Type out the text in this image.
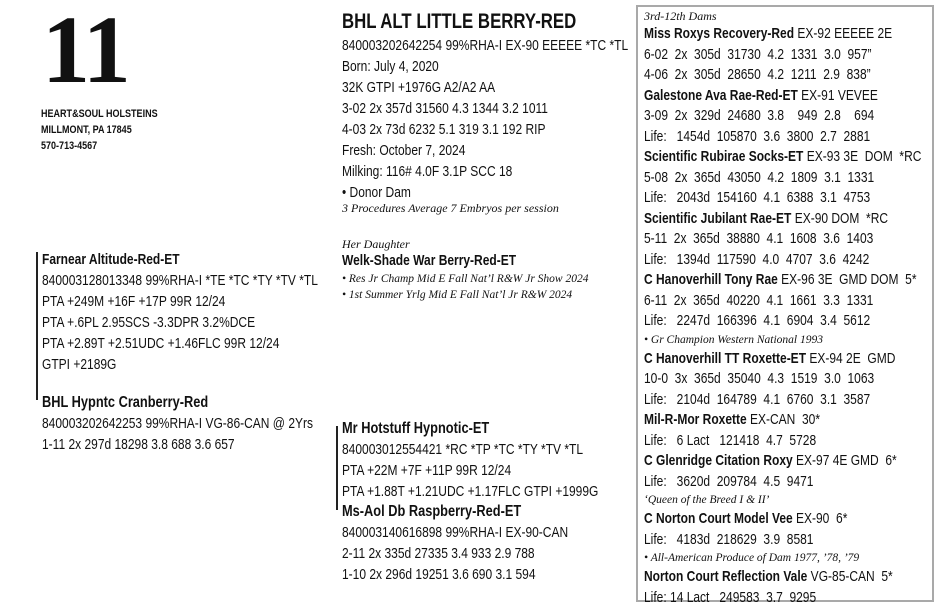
11
HEART&SOUL HOLSTEINS
MILLMONT, PA 17845
570-713-4567
BHL ALT LITTLE BERRY-RED
840003202642254 99%RHA-I EX-90 EEEEE *TC *TL
Born: July 4, 2020
32K GTPI +1976G A2/A2 AA
3-02 2x 357d 31560 4.3 1344 3.2 1011
4-03 2x 73d 6232 5.1 319 3.1 192 RIP
Fresh: October 7, 2024
Milking: 116# 4.0F 3.1P SCC 18
• Donor Dam
3 Procedures Average 7 Embryos per session
Her Daughter
Welk-Shade War Berry-Red-ET
• Res Jr Champ Mid E Fall Nat’l R&W Jr Show 2024
• 1st Summer Yrlg Mid E Fall Nat’l Jr R&W 2024
Farnear Altitude-Red-ET
840003128013348 99%RHA-I *TE *TC *TY *TV *TL
PTA +249M +16F +17P 99R 12/24
PTA +.6PL 2.95SCS -3.3DPR 3.2%DCE
PTA +2.89T +2.51UDC +1.46FLC 99R 12/24
GTPI +2189G
BHL Hypntc Cranberry-Red
840003202642253 99%RHA-I VG-86-CAN @ 2Yrs
1-11 2x 297d 18298 3.8 688 3.6 657
Mr Hotstuff Hypnotic-ET
840003012554421 *RC *TP *TC *TY *TV *TL
PTA +22M +7F +11P 99R 12/24
PTA +1.88T +1.21UDC +1.17FLC GTPI +1999G
Ms-Aol Db Raspberry-Red-ET
840003140616898 99%RHA-I EX-90-CAN
2-11 2x 335d 27335 3.4 933 2.9 788
1-10 2x 296d 19251 3.6 690 3.1 594
3rd-12th Dams
Miss Roxys Recovery-Red EX-92 EEEEE 2E
6-02  2x  305d  31730  4.2  1331  3.0  957”
4-06  2x  305d  28650  4.2  1211  2.9  838”
Galestone Ava Rae-Red-ET EX-91 VEVEE
3-09  2x  329d  24680  3.8    949  2.8    694
Life:   1454d  105870  3.6  3800  2.7  2881
Scientific Rubirae Socks-ET EX-93 3E  DOM  *RC
5-08  2x  365d  43050  4.2  1809  3.1  1331
Life:   2043d  154160  4.1  6388  3.1  4753
Scientific Jubilant Rae-ET EX-90 DOM  *RC
5-11  2x  365d  38880  4.1  1608  3.6  1403
Life:   1394d  117590  4.0  4707  3.6  4242
C Hanoverhill Tony Rae EX-96 3E  GMD DOM  5*
6-11  2x  365d  40220  4.1  1661  3.3  1331
Life:   2247d  166396  4.1  6904  3.4  5612
• Gr Champion Western National 1993
C Hanoverhill TT Roxette-ET EX-94 2E  GMD
10-0  3x  365d  35040  4.3  1519  3.0  1063
Life:   2104d  164789  4.1  6760  3.1  3587
Mil-R-Mor Roxette EX-CAN  30*
Life:   6 Lact   121418  4.7  5728
C Glenridge Citation Roxy EX-97 4E GMD  6*
Life:   3620d  209784  4.5  9471
‘Queen of the Breed I & II’
C Norton Court Model Vee EX-90  6*
Life:   4183d  218629  3.9  8581
• All-American Produce of Dam 1977, ’78, ’79
Norton Court Reflection Vale VG-85-CAN  5*
Life: 14 Lact   249583  3.7  9295
